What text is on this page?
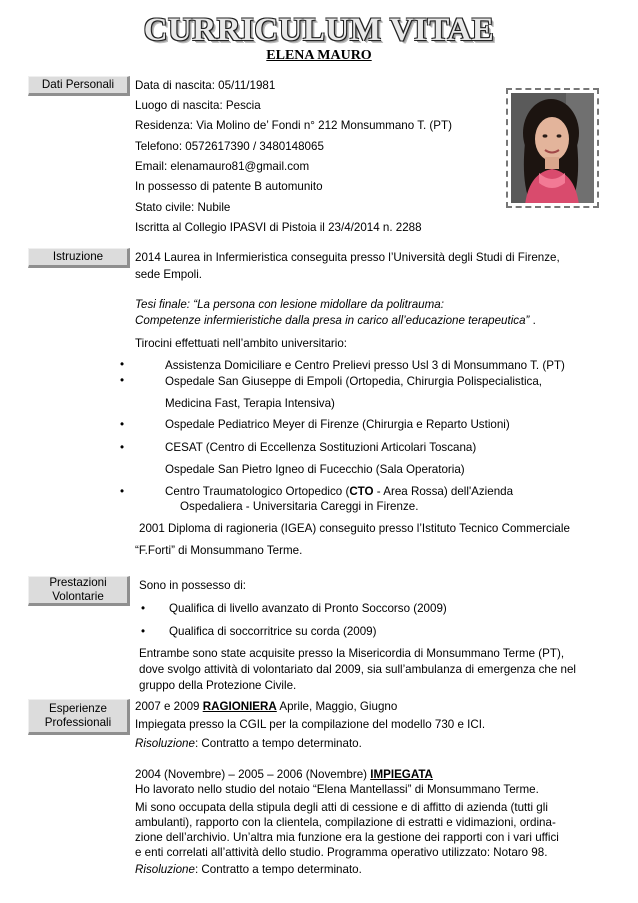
CURRICULUM VITAE
ELENA MAURO
Dati Personali
Istruzione
Prestazioni
Volontarie
Esperienze
Professionali
Data di nascita: 05/11/1981
Luogo di nascita: Pescia
Residenza: Via Molino de’ Fondi n° 212 Monsummano T. (PT)
Telefono: 0572617390 / 3480148065
Email: elenamauro81@gmail.com
In possesso di patente B automunito
Stato civile: Nubile
Iscritta al Collegio IPASVI di Pistoia il 23/4/2014 n. 2288
2014 Laurea in Infermieristica conseguita presso l’Università degli Studi di Firenze,
sede Empoli.
Tesi finale: “La persona con lesione midollare da politrauma:
Competenze infermieristiche dalla presa in carico all’educazione terapeutica” .
Tirocini effettuati nell’ambito universitario:
•	Assistenza Domiciliare e Centro Prelievi presso Usl 3 di Monsummano T. (PT)
•	Ospedale San Giuseppe di Empoli (Ortopedia, Chirurgia Polispecialistica,
Medicina Fast, Terapia Intensiva)
•	Ospedale Pediatrico Meyer di Firenze (Chirurgia e Reparto Ustioni)
•	CESAT (Centro di Eccellenza Sostituzioni Articolari Toscana)
Ospedale San Pietro Igneo di Fucecchio (Sala Operatoria)
•	Centro Traumatologico Ortopedico (CTO - Area Rossa) dell'Azienda
Ospedaliera - Universitaria Careggi in Firenze.
2001 Diploma di ragioneria (IGEA) conseguito presso l’Istituto Tecnico Commerciale
“F.Forti” di Monsummano Terme.
Sono in possesso di:
• Qualifica di livello avanzato di Pronto Soccorso (2009)
• Qualifica di soccorritrice su corda (2009)
Entrambe sono state acquisite presso la Misericordia di Monsummano Terme (PT),
dove svolgo attività di volontariato dal 2009, sia sull’ambulanza di emergenza che nel
gruppo della Protezione Civile.
2007 e 2009 RAGIONIERA Aprile, Maggio, Giugno
Impiegata presso la CGIL per la compilazione del modello 730 e ICI.
Risoluzione: Contratto a tempo determinato.
2004 (Novembre) – 2005 – 2006 (Novembre) IMPIEGATA
Ho lavorato nello studio del notaio “Elena Mantellassi” di Monsummano Terme.
Mi sono occupata della stipula degli atti di cessione e di affitto di azienda (tutti gli
ambulanti), rapporto con la clientela, compilazione di estratti e vidimazioni, ordina-
zione dell’archivio. Un’altra mia funzione era la gestione dei rapporti con i vari uffici
e enti correlati all’attività dello studio. Programma operativo utilizzato: Notaro 98.
Risoluzione: Contratto a tempo determinato.
